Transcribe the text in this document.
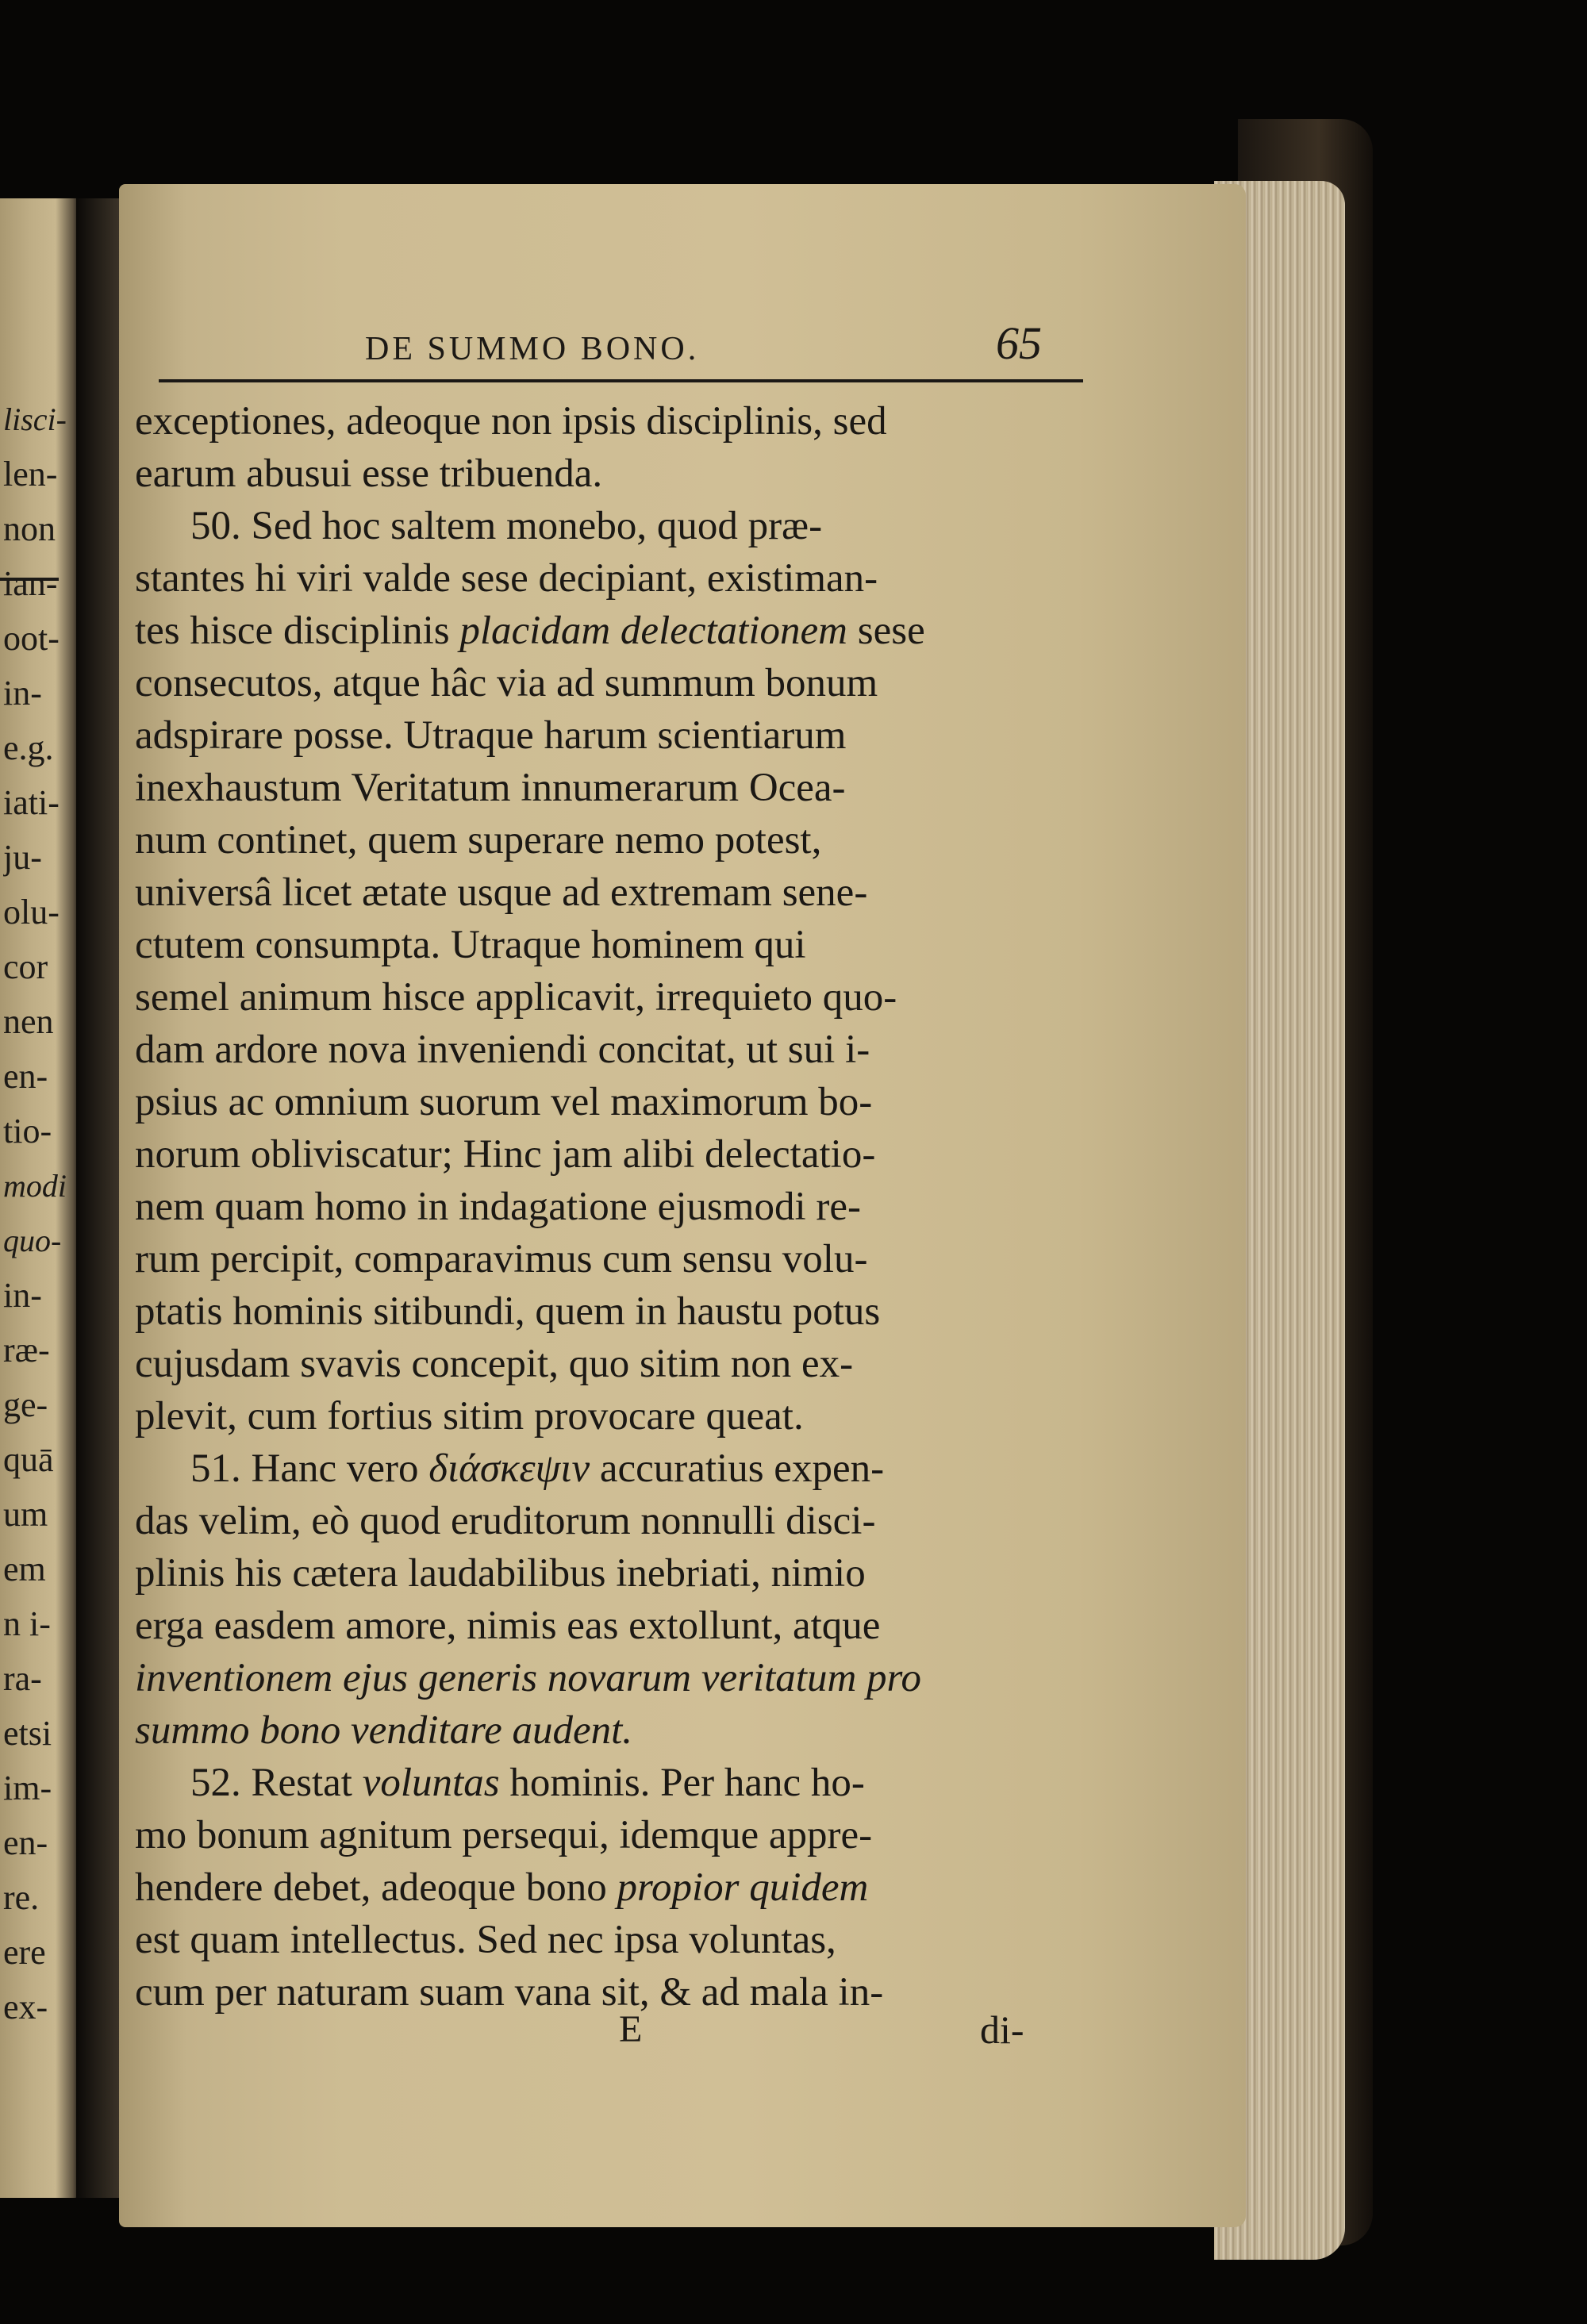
lisci-
len-
non
ian-
oot-
in-
e.g.
iati-
ju-
olu-
cor
nen
en-
tio-
modi
quo-
in-
ræ-
ge-
quā
um
em
n i-
ra-
etsi
im-
en-
re.
ere
ex-
DE SUMMO BONO.	65
exceptiones, adeoque non ipsis disciplinis, sed
earum abusui esse tribuenda.
50. Sed hoc saltem monebo, quod præ-
stantes hi viri valde sese decipiant, existiman-
tes hisce disciplinis placidam delectationem sese
consecutos, atque hâc via ad summum bonum
adspirare posse. Utraque harum scientiarum
inexhaustum Veritatum innumerarum Ocea-
num continet, quem superare nemo potest,
universâ licet ætate usque ad extremam sene-
ctutem consumpta. Utraque hominem qui
semel animum hisce applicavit, irrequieto quo-
dam ardore nova inveniendi concitat, ut sui i-
psius ac omnium suorum vel maximorum bo-
norum obliviscatur; Hinc jam alibi delectatio-
nem quam homo in indagatione ejusmodi re-
rum percipit, comparavimus cum sensu volu-
ptatis hominis sitibundi, quem in haustu potus
cujusdam svavis concepit, quo sitim non ex-
plevit, cum fortius sitim provocare queat.
51. Hanc vero διάσκεψιν accuratius expen-
das velim, eò quod eruditorum nonnulli disci-
plinis his cætera laudabilibus inebriati, nimio
erga easdem amore, nimis eas extollunt, atque
inventionem ejus generis novarum veritatum pro
summo bono venditare audent.
52. Restat voluntas hominis. Per hanc ho-
mo bonum agnitum persequi, idemque appre-
hendere debet, adeoque bono propior quidem
est quam intellectus. Sed nec ipsa voluntas,
cum per naturam suam vana sit, & ad mala in-
E	di-
